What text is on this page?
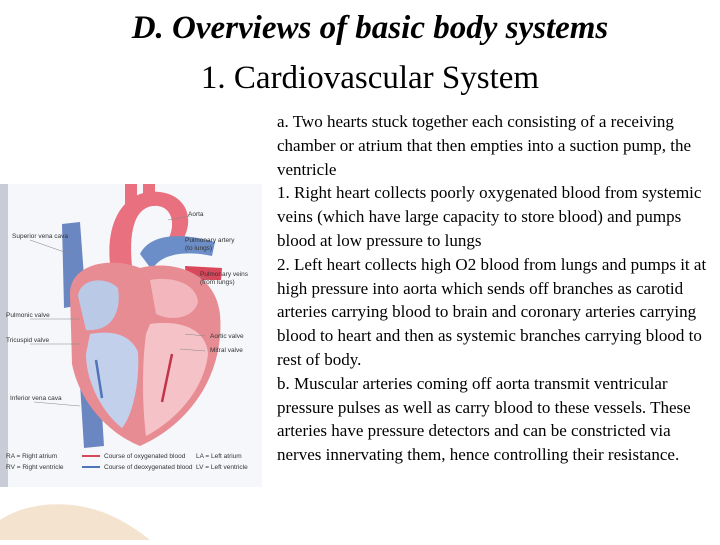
D. Overviews of basic body systems
1. Cardiovascular System
Aorta
Superior vena cava
Pulmonary artery
(to lungs)
Pulmonary veins
(from lungs)
Pulmonic valve
Tricuspid valve
Aortic valve
Mitral valve
Inferior vena cava
RA = Right atrium
RV = Right ventricle
Course of oxygenated blood
Course of deoxygenated blood
LA = Left atrium
LV = Left ventricle

a. Two hearts stuck together each consisting of a receiving chamber or atrium that then empties into a suction pump, the ventricle

1. Right heart collects poorly oxygenated blood from systemic veins (which have large capacity to store blood) and pumps blood at low pressure to lungs

2. Left heart collects high O2 blood from lungs and pumps it at high pressure into aorta which sends off branches as carotid arteries carrying blood to brain and coronary arteries carrying blood to heart and then as systemic branches carrying blood to rest of body.

b. Muscular arteries coming off aorta transmit ventricular pressure pulses as well as carry blood to these vessels. These arteries have pressure detectors and can be constricted via nerves innervating them, hence controlling their resistance.
